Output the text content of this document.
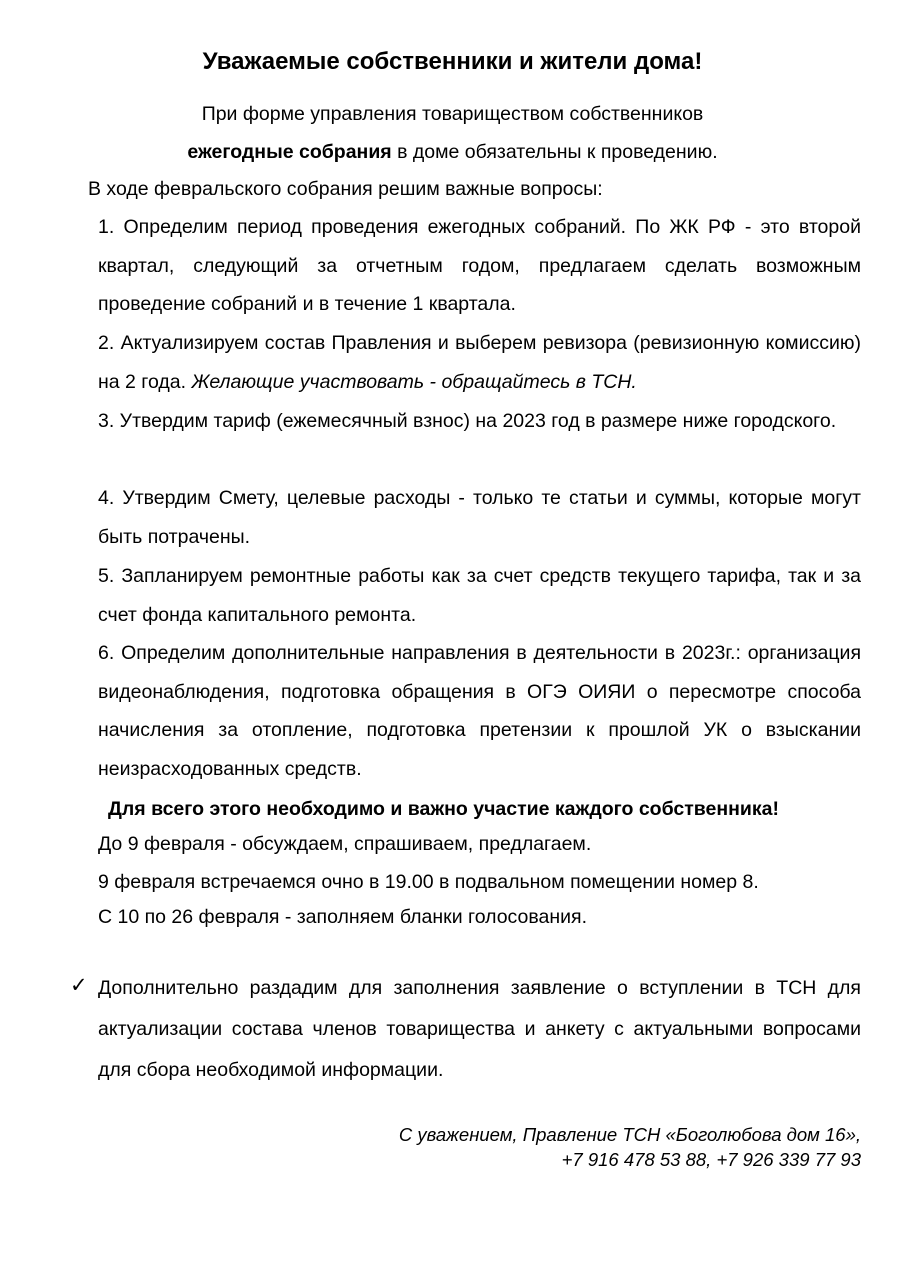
Уважаемые собственники и жители дома!
При форме управления товариществом собственников
ежегодные собрания в доме обязательны к проведению.
В ходе февральского собрания решим важные вопросы:
1. Определим период проведения ежегодных собраний. По ЖК РФ - это второй квартал, следующий за отчетным годом, предлагаем сделать возможным проведение собраний и в течение 1 квартала.
2. Актуализируем состав Правления и выберем ревизора (ревизионную комиссию) на 2 года. Желающие участвовать - обращайтесь в ТСН.
3. Утвердим тариф (ежемесячный взнос) на 2023 год в размере ниже городского.
4. Утвердим Смету, целевые расходы - только те статьи и суммы, которые могут быть потрачены.
5. Запланируем ремонтные работы как за счет средств текущего тарифа, так и за счет фонда капитального ремонта.
6. Определим дополнительные направления в деятельности в 2023г.: организация видеонаблюдения, подготовка обращения в ОГЭ ОИЯИ о пересмотре способа начисления за отопление, подготовка претензии к прошлой УК о взыскании неизрасходованных средств.
Для всего этого необходимо и важно участие каждого собственника!
До 9 февраля - обсуждаем, спрашиваем, предлагаем.
9 февраля встречаемся очно в 19.00 в подвальном помещении номер 8.
С 10 по 26 февраля - заполняем бланки голосования.
✓ Дополнительно раздадим для заполнения заявление о вступлении в ТСН для актуализации состава членов товарищества и анкету с актуальными вопросами для сбора необходимой информации.
С уважением, Правление ТСН «Боголюбова дом 16»,
+7 916 478 53 88, +7 926 339 77 93
